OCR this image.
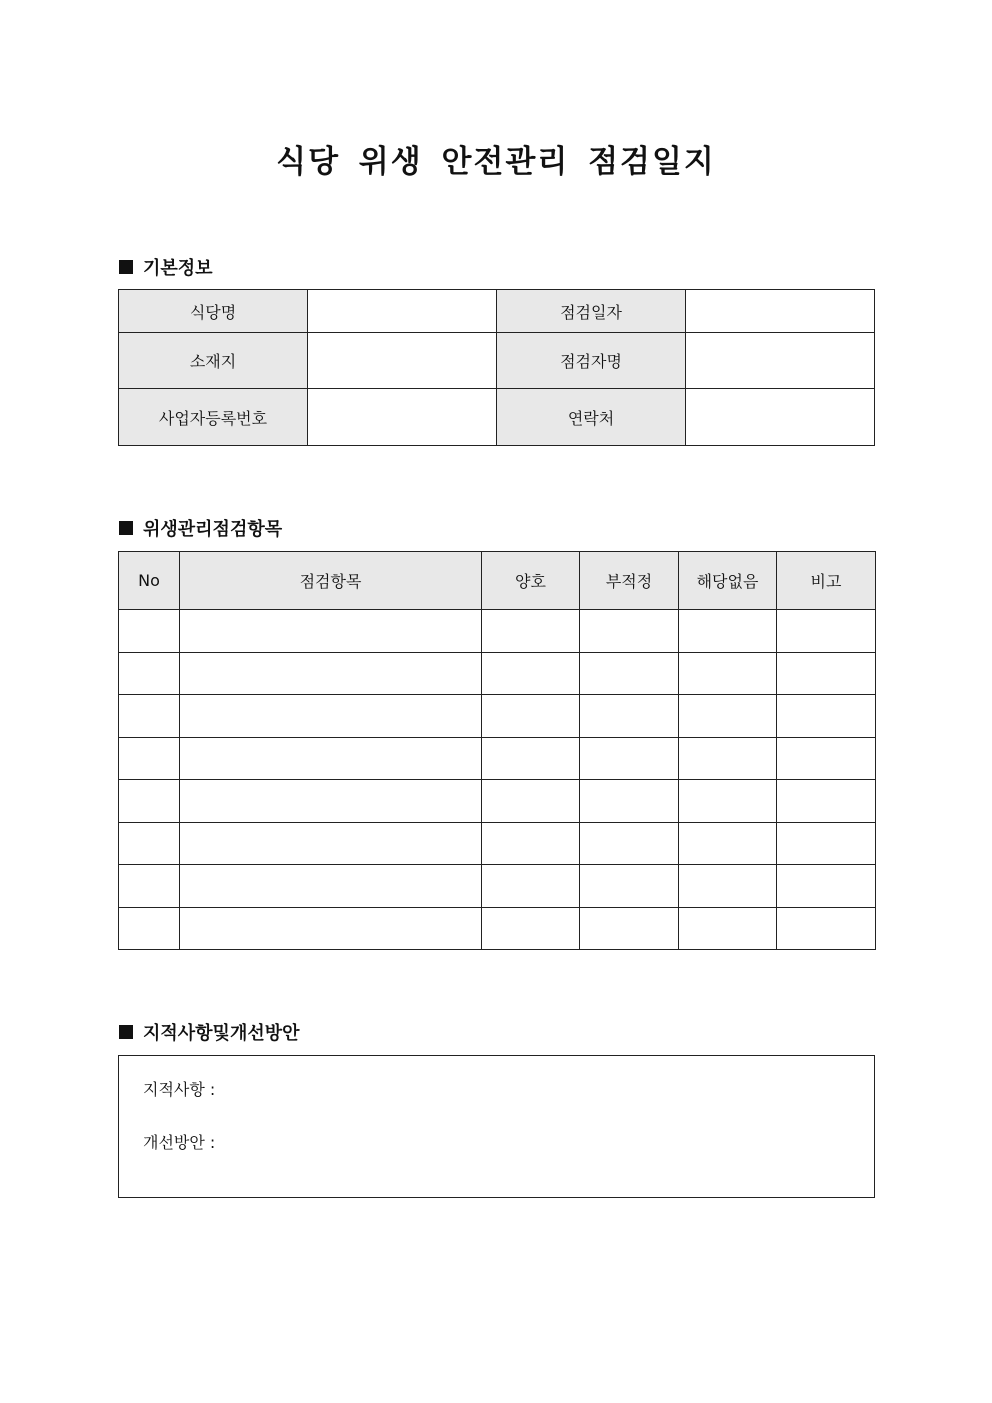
식당 위생 안전관리 점검일지
기본정보
식당명		점검일자	
소재지		점검자명	
사업자등록번호		연락처	
위생관리점검항목
No	점검항목	양호	부적정	해당없음	비고

지적사항및개선방안
지적사항 :
개선방안 :
